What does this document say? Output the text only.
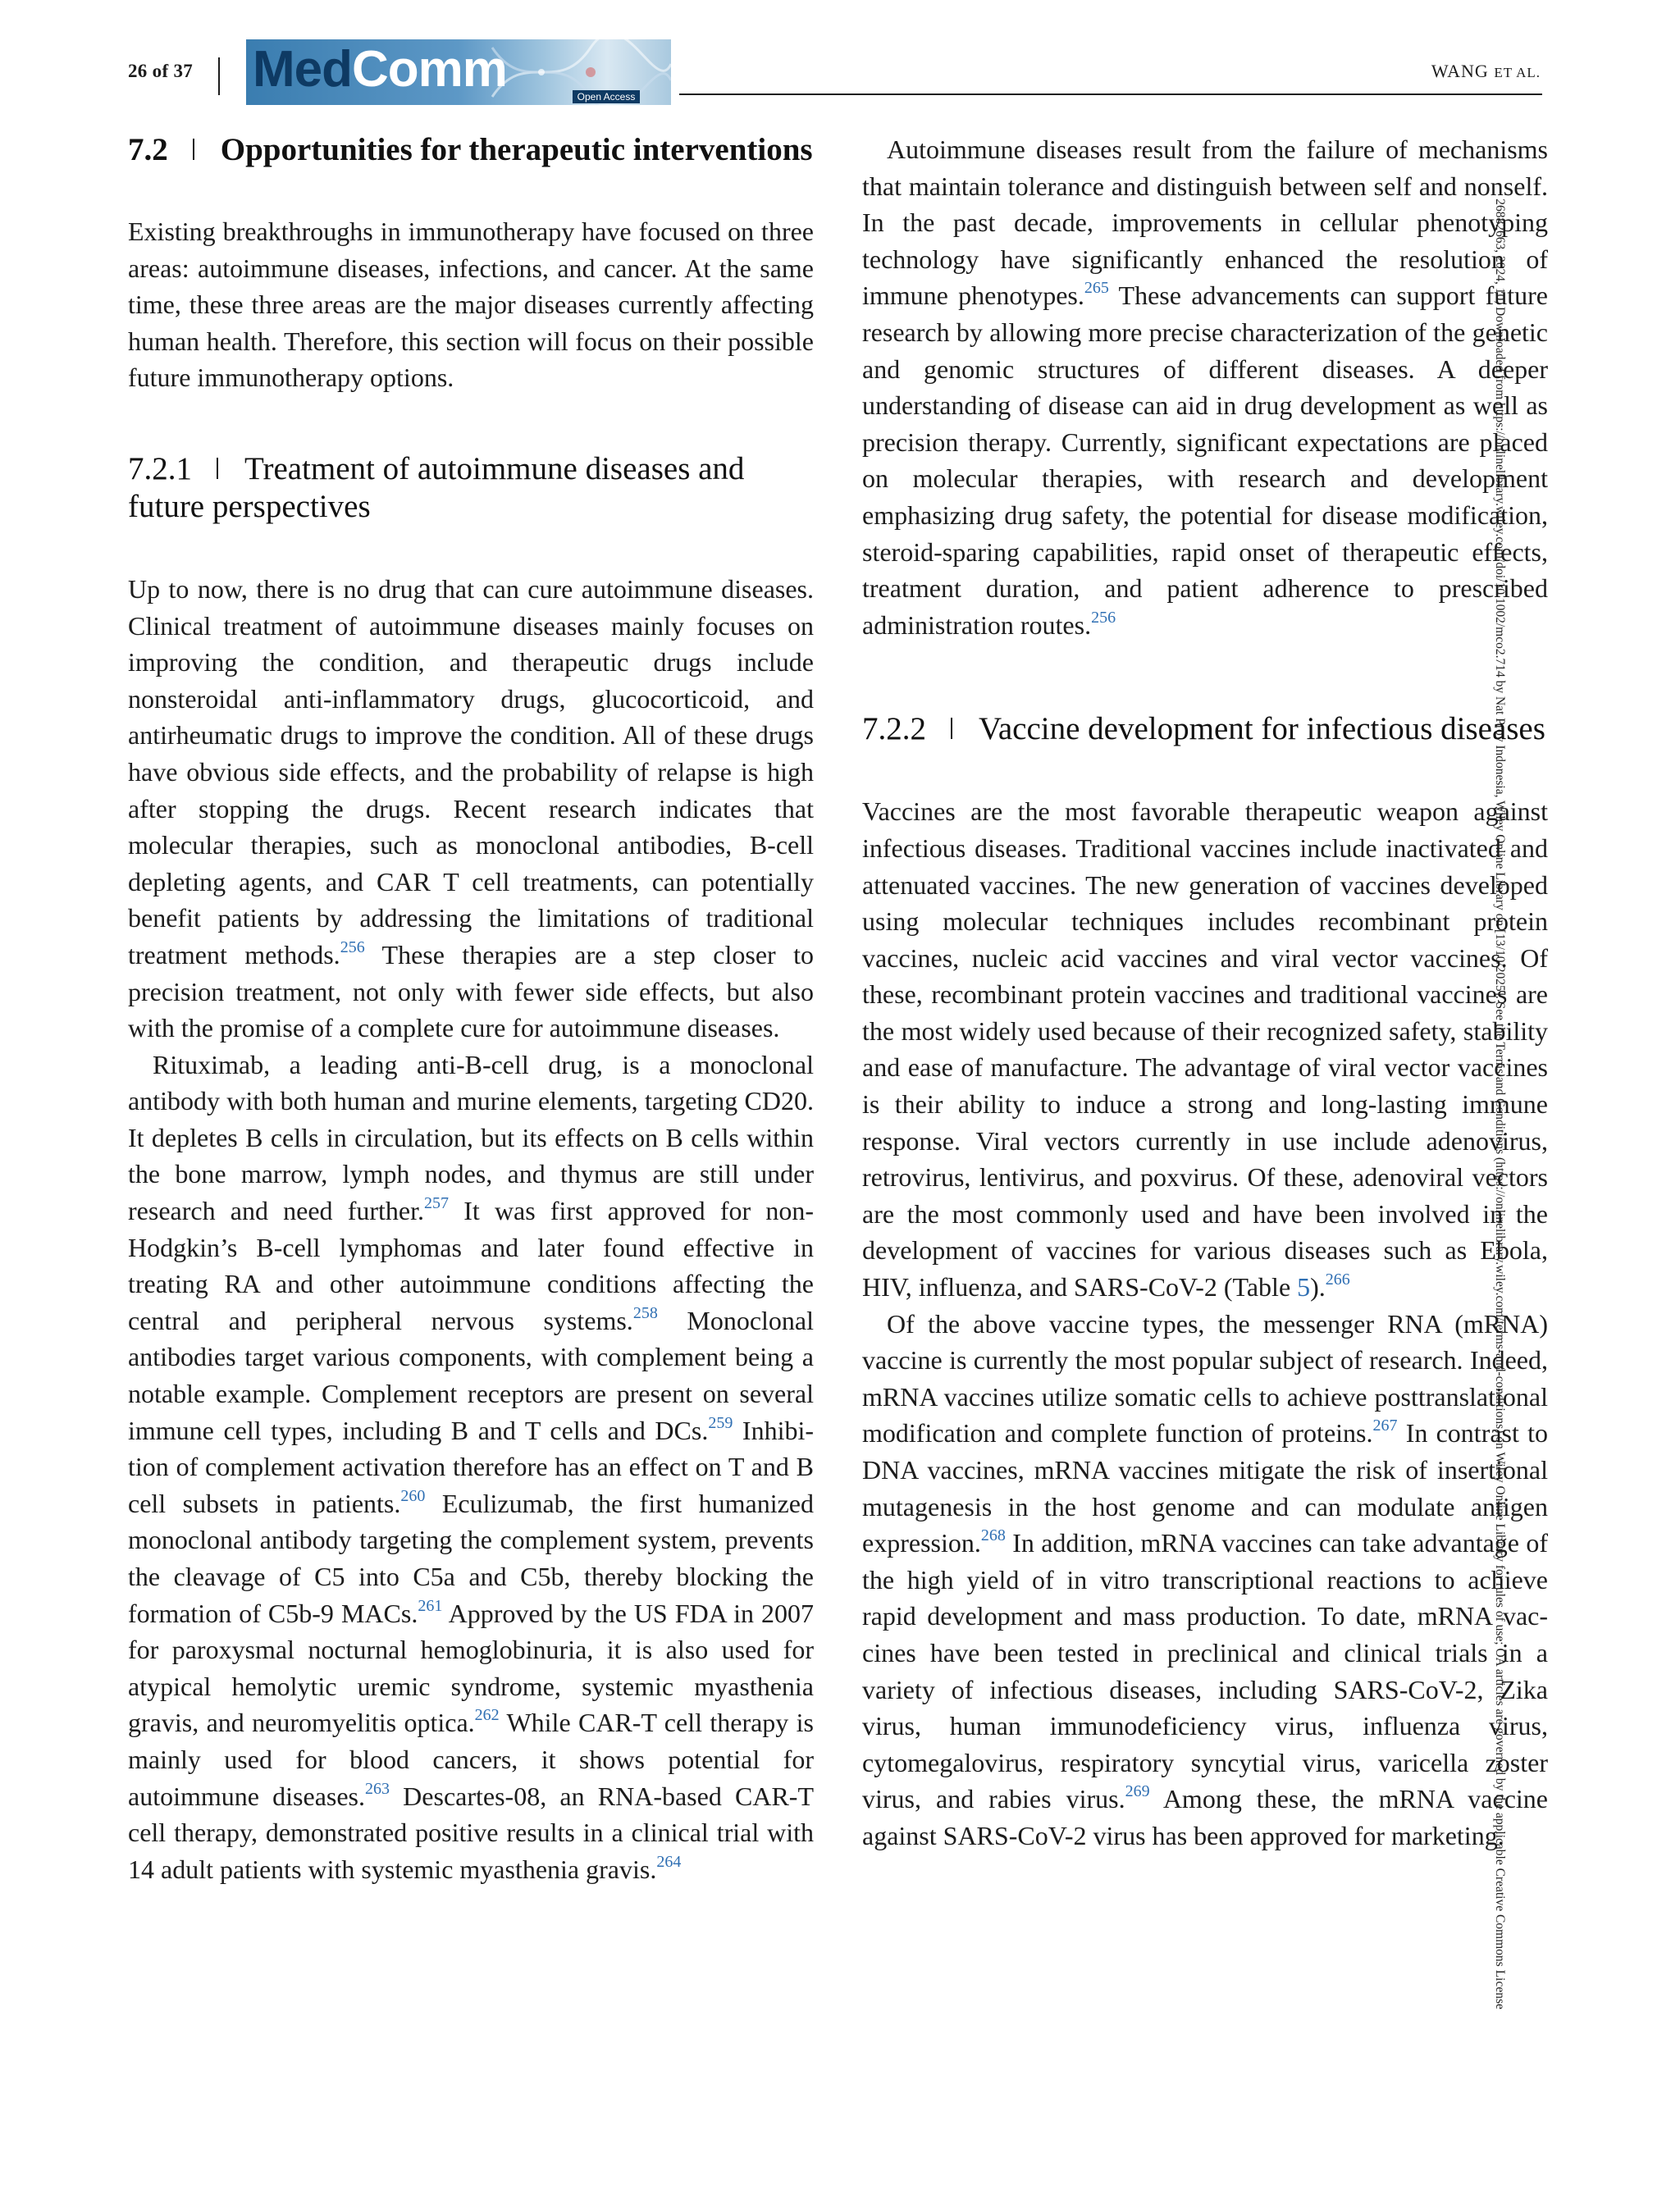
26 of 37 MedComm	Open Access
WANG ET AL.
26882663, 2024, 10, Downloaded from https://onlinelibrary.wiley.com/doi/10.1002/mco2.714 by Nat Prov Indonesia, Wiley Online Library on [13/10/2025]. See the Terms and Conditions (https://onlinelibrary.wiley.com/terms-and-conditions) on Wiley Online Library for rules of use; OA articles are governed by the applicable Creative Commons License
7.2 Opportunities for therapeutic interventions

Existing breakthroughs in immunotherapy have focused on three areas: autoimmune diseases, infections, and cancer. At the same time, these three areas are the major diseases currently affecting human health. Therefore, this section will focus on their possible future immunotherapy options.

7.2.1 Treatment of autoimmune diseases and future perspectives

Up to now, there is no drug that can cure autoimmune diseases. Clinical treatment of autoimmune diseases mainly focuses on improving the condition, and therapeutic drugs include nonsteroidal anti-inflammatory drugs, glucocorticoid, and antirheumatic drugs to improve the condition. All of these drugs have obvious side effects, and the probability of relapse is high after stopping the drugs. Recent research indicates that molecular therapies, such as monoclonal antibodies, B-cell depleting agents, and CAR T cell treatments, can potentially benefit patients by addressing the limitations of traditional treatment methods.$^{256}$ These therapies are a step closer to precision treatment, not only with fewer side effects, but also with the promise of a complete cure for autoimmune diseases.

Rituximab, a leading anti-B-cell drug, is a monoclonal antibody with both human and murine elements, targeting CD20. It depletes B cells in circulation, but its effects on B cells within the bone marrow, lymph nodes, and thymus are still under research and need further.$^{257}$ It was first approved for non-Hodgkin’s B-cell lymphomas and later found effective in treating RA and other autoimmune conditions affecting the central and peripheral nervous systems.$^{258}$ Monoclonal antibodies target various components, with complement being a notable example. Complement receptors are present on several immune cell types, including B and T cells and DCs.$^{259}$ Inhibition of complement activation therefore has an effect on T and B cell subsets in patients.$^{260}$ Eculizumab, the first humanized monoclonal antibody targeting the complement system, prevents the cleavage of C5 into C5a and C5b, thereby blocking the formation of C5b-9 MACs.$^{261}$ Approved by the US FDA in 2007 for paroxysmal nocturnal hemoglobinuria, it is also used for atypical hemolytic uremic syndrome, systemic myasthenia gravis, and neuromyelitis optica.$^{262}$ While CAR-T cell therapy is mainly used for blood cancers, it shows potential for autoimmune diseases.$^{263}$ Descartes-08, an RNA-based CAR-T cell therapy, demonstrated positive results in a clinical trial with 14 adult patients with systemic myasthenia gravis.$^{264}$

Autoimmune diseases result from the failure of mechanisms that maintain tolerance and distinguish between self and nonself. In the past decade, improvements in cellular phenotyping technology have significantly enhanced the resolution of immune phenotypes.$^{265}$ These advancements can support future research by allowing more precise characterization of the genetic and genomic structures of different diseases. A deeper understanding of disease can aid in drug development as well as precision therapy. Currently, significant expectations are placed on molecular therapies, with research and development emphasizing drug safety, the potential for disease modification, steroid-sparing capabilities, rapid onset of therapeutic effects, treatment duration, and patient adherence to prescribed administration routes.$^{256}$

7.2.2 Vaccine development for infectious diseases

Vaccines are the most favorable therapeutic weapon against infectious diseases. Traditional vaccines include inactivated and attenuated vaccines. The new generation of vaccines developed using molecular techniques includes recombinant protein vaccines, nucleic acid vaccines and viral vector vaccines. Of these, recombinant protein vaccines and traditional vaccines are the most widely used because of their recognized safety, stability and ease of manufacture. The advantage of viral vector vaccines is their ability to induce a strong and long-lasting immune response. Viral vectors currently in use include adenovirus, retrovirus, lentivirus, and poxvirus. Of these, adenoviral vectors are the most commonly used and have been involved in the development of vaccines for various diseases such as Ebola, HIV, influenza, and SARS-CoV-2 (Table 5).$^{266}$

Of the above vaccine types, the messenger RNA (mRNA) vaccine is currently the most popular subject of research. Indeed, mRNA vaccines utilize somatic cells to achieve posttranslational modification and complete function of proteins.$^{267}$ In contrast to DNA vaccines, mRNA vaccines mitigate the risk of insertional mutagenesis in the host genome and can modulate antigen expression.$^{268}$ In addition, mRNA vaccines can take advantage of the high yield of in vitro transcriptional reactions to achieve rapid development and mass production. To date, mRNA vaccines have been tested in preclinical and clinical trials in a variety of infectious diseases, including SARS-CoV-2, Zika virus, human immunodeficiency virus, influenza virus, cytomegalovirus, respiratory syncytial virus, varicella zoster virus, and rabies virus.$^{269}$ Among these, the mRNA vaccine against SARS-CoV-2 virus has been approved for marketing.
